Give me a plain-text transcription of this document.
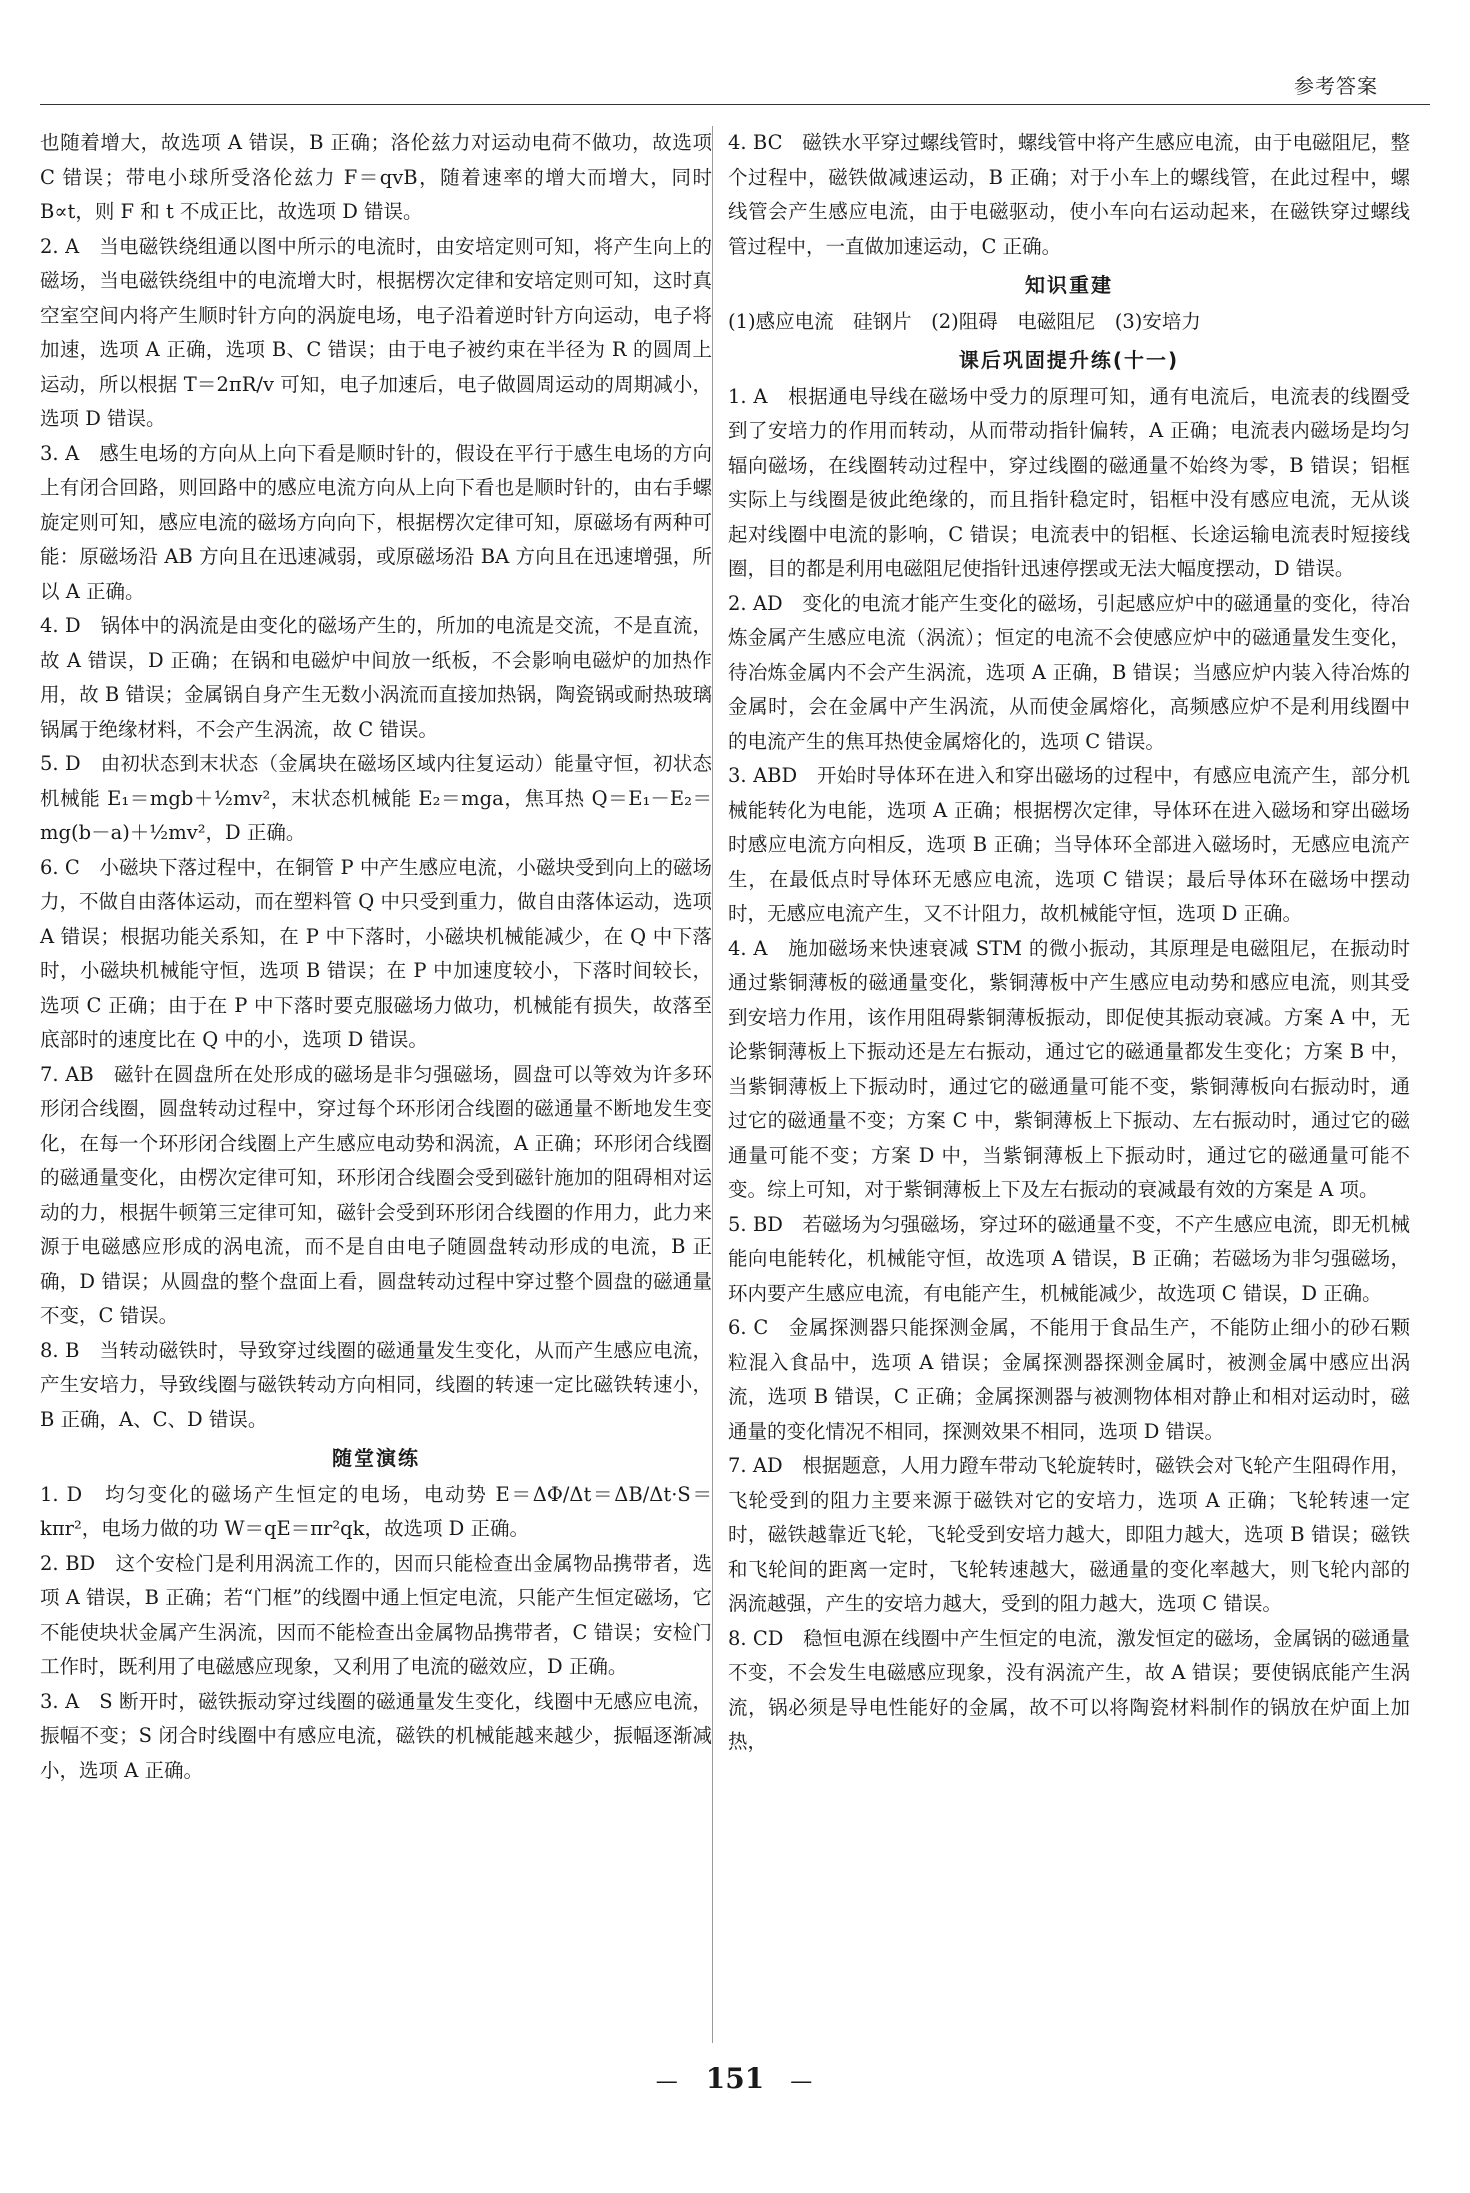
参考答案

也随着增大，故选项 A 错误，B 正确；洛伦兹力对运动电荷不做功，故选项 C 错误；带电小球所受洛伦兹力 F＝qvB，随着速率的增大而增大，同时 B∝t，则 F 和 t 不成正比，故选项 D 错误。

2. A　当电磁铁绕组通以图中所示的电流时，由安培定则可知，将产生向上的磁场，当电磁铁绕组中的电流增大时，根据楞次定律和安培定则可知，这时真空室空间内将产生顺时针方向的涡旋电场，电子沿着逆时针方向运动，电子将加速，选项 A 正确，选项 B、C 错误；由于电子被约束在半径为 R 的圆周上运动，所以根据 T＝2πR/v 可知，电子加速后，电子做圆周运动的周期减小，选项 D 错误。

3. A　感生电场的方向从上向下看是顺时针的，假设在平行于感生电场的方向上有闭合回路，则回路中的感应电流方向从上向下看也是顺时针的，由右手螺旋定则可知，感应电流的磁场方向向下，根据楞次定律可知，原磁场有两种可能：原磁场沿 AB 方向且在迅速减弱，或原磁场沿 BA 方向且在迅速增强，所以 A 正确。

4. D　锅体中的涡流是由变化的磁场产生的，所加的电流是交流，不是直流，故 A 错误，D 正确；在锅和电磁炉中间放一纸板，不会影响电磁炉的加热作用，故 B 错误；金属锅自身产生无数小涡流而直接加热锅，陶瓷锅或耐热玻璃锅属于绝缘材料，不会产生涡流，故 C 错误。

5. D　由初状态到末状态（金属块在磁场区域内往复运动）能量守恒，初状态机械能 E₁＝mgb＋½mv²，末状态机械能 E₂＝mga，焦耳热 Q＝E₁－E₂＝mg(b－a)＋½mv²，D 正确。

6. C　小磁块下落过程中，在铜管 P 中产生感应电流，小磁块受到向上的磁场力，不做自由落体运动，而在塑料管 Q 中只受到重力，做自由落体运动，选项 A 错误；根据功能关系知，在 P 中下落时，小磁块机械能减少，在 Q 中下落时，小磁块机械能守恒，选项 B 错误；在 P 中加速度较小，下落时间较长，选项 C 正确；由于在 P 中下落时要克服磁场力做功，机械能有损失，故落至底部时的速度比在 Q 中的小，选项 D 错误。

7. AB　磁针在圆盘所在处形成的磁场是非匀强磁场，圆盘可以等效为许多环形闭合线圈，圆盘转动过程中，穿过每个环形闭合线圈的磁通量不断地发生变化，在每一个环形闭合线圈上产生感应电动势和涡流，A 正确；环形闭合线圈的磁通量变化，由楞次定律可知，环形闭合线圈会受到磁针施加的阻碍相对运动的力，根据牛顿第三定律可知，磁针会受到环形闭合线圈的作用力，此力来源于电磁感应形成的涡电流，而不是自由电子随圆盘转动形成的电流，B 正确，D 错误；从圆盘的整个盘面上看，圆盘转动过程中穿过整个圆盘的磁通量不变，C 错误。

8. B　当转动磁铁时，导致穿过线圈的磁通量发生变化，从而产生感应电流，产生安培力，导致线圈与磁铁转动方向相同，线圈的转速一定比磁铁转速小，B 正确，A、C、D 错误。

随堂演练

1. D　均匀变化的磁场产生恒定的电场，电动势 E＝ΔΦ/Δt＝ΔB/Δt·S＝kπr²，电场力做的功 W＝qE＝πr²qk，故选项 D 正确。

2. BD　这个安检门是利用涡流工作的，因而只能检查出金属物品携带者，选项 A 错误，B 正确；若“门框”的线圈中通上恒定电流，只能产生恒定磁场，它不能使块状金属产生涡流，因而不能检查出金属物品携带者，C 错误；安检门工作时，既利用了电磁感应现象，又利用了电流的磁效应，D 正确。

3. A　S 断开时，磁铁振动穿过线圈的磁通量发生变化，线圈中无感应电流，振幅不变；S 闭合时线圈中有感应电流，磁铁的机械能越来越少，振幅逐渐减小，选项 A 正确。

4. BC　磁铁水平穿过螺线管时，螺线管中将产生感应电流，由于电磁阻尼，整个过程中，磁铁做减速运动，B 正确；对于小车上的螺线管，在此过程中，螺线管会产生感应电流，由于电磁驱动，使小车向右运动起来，在磁铁穿过螺线管过程中，一直做加速运动，C 正确。

知识重建

(1)感应电流　硅钢片　(2)阻碍　电磁阻尼　(3)安培力

课后巩固提升练(十一)

1. A　根据通电导线在磁场中受力的原理可知，通有电流后，电流表的线圈受到了安培力的作用而转动，从而带动指针偏转，A 正确；电流表内磁场是均匀辐向磁场，在线圈转动过程中，穿过线圈的磁通量不始终为零，B 错误；铝框实际上与线圈是彼此绝缘的，而且指针稳定时，铝框中没有感应电流，无从谈起对线圈中电流的影响，C 错误；电流表中的铝框、长途运输电流表时短接线圈，目的都是利用电磁阻尼使指针迅速停摆或无法大幅度摆动，D 错误。

2. AD　变化的电流才能产生变化的磁场，引起感应炉中的磁通量的变化，待冶炼金属产生感应电流（涡流）；恒定的电流不会使感应炉中的磁通量发生变化，待冶炼金属内不会产生涡流，选项 A 正确，B 错误；当感应炉内装入待冶炼的金属时，会在金属中产生涡流，从而使金属熔化，高频感应炉不是利用线圈中的电流产生的焦耳热使金属熔化的，选项 C 错误。

3. ABD　开始时导体环在进入和穿出磁场的过程中，有感应电流产生，部分机械能转化为电能，选项 A 正确；根据楞次定律，导体环在进入磁场和穿出磁场时感应电流方向相反，选项 B 正确；当导体环全部进入磁场时，无感应电流产生，在最低点时导体环无感应电流，选项 C 错误；最后导体环在磁场中摆动时，无感应电流产生，又不计阻力，故机械能守恒，选项 D 正确。

4. A　施加磁场来快速衰减 STM 的微小振动，其原理是电磁阻尼，在振动时通过紫铜薄板的磁通量变化，紫铜薄板中产生感应电动势和感应电流，则其受到安培力作用，该作用阻碍紫铜薄板振动，即促使其振动衰减。方案 A 中，无论紫铜薄板上下振动还是左右振动，通过它的磁通量都发生变化；方案 B 中，当紫铜薄板上下振动时，通过它的磁通量可能不变，紫铜薄板向右振动时，通过它的磁通量不变；方案 C 中，紫铜薄板上下振动、左右振动时，通过它的磁通量可能不变；方案 D 中，当紫铜薄板上下振动时，通过它的磁通量可能不变。综上可知，对于紫铜薄板上下及左右振动的衰减最有效的方案是 A 项。

5. BD　若磁场为匀强磁场，穿过环的磁通量不变，不产生感应电流，即无机械能向电能转化，机械能守恒，故选项 A 错误，B 正确；若磁场为非匀强磁场，环内要产生感应电流，有电能产生，机械能减少，故选项 C 错误，D 正确。

6. C　金属探测器只能探测金属，不能用于食品生产，不能防止细小的砂石颗粒混入食品中，选项 A 错误；金属探测器探测金属时，被测金属中感应出涡流，选项 B 错误，C 正确；金属探测器与被测物体相对静止和相对运动时，磁通量的变化情况不相同，探测效果不相同，选项 D 错误。

7. AD　根据题意，人用力蹬车带动飞轮旋转时，磁铁会对飞轮产生阻碍作用，飞轮受到的阻力主要来源于磁铁对它的安培力，选项 A 正确；飞轮转速一定时，磁铁越靠近飞轮，飞轮受到安培力越大，即阻力越大，选项 B 错误；磁铁和飞轮间的距离一定时，飞轮转速越大，磁通量的变化率越大，则飞轮内部的涡流越强，产生的安培力越大，受到的阻力越大，选项 C 错误。

8. CD　稳恒电源在线圈中产生恒定的电流，激发恒定的磁场，金属锅的磁通量不变，不会发生电磁感应现象，没有涡流产生，故 A 错误；要使锅底能产生涡流，锅必须是导电性能好的金属，故不可以将陶瓷材料制作的锅放在炉面上加热，

— 151 —
